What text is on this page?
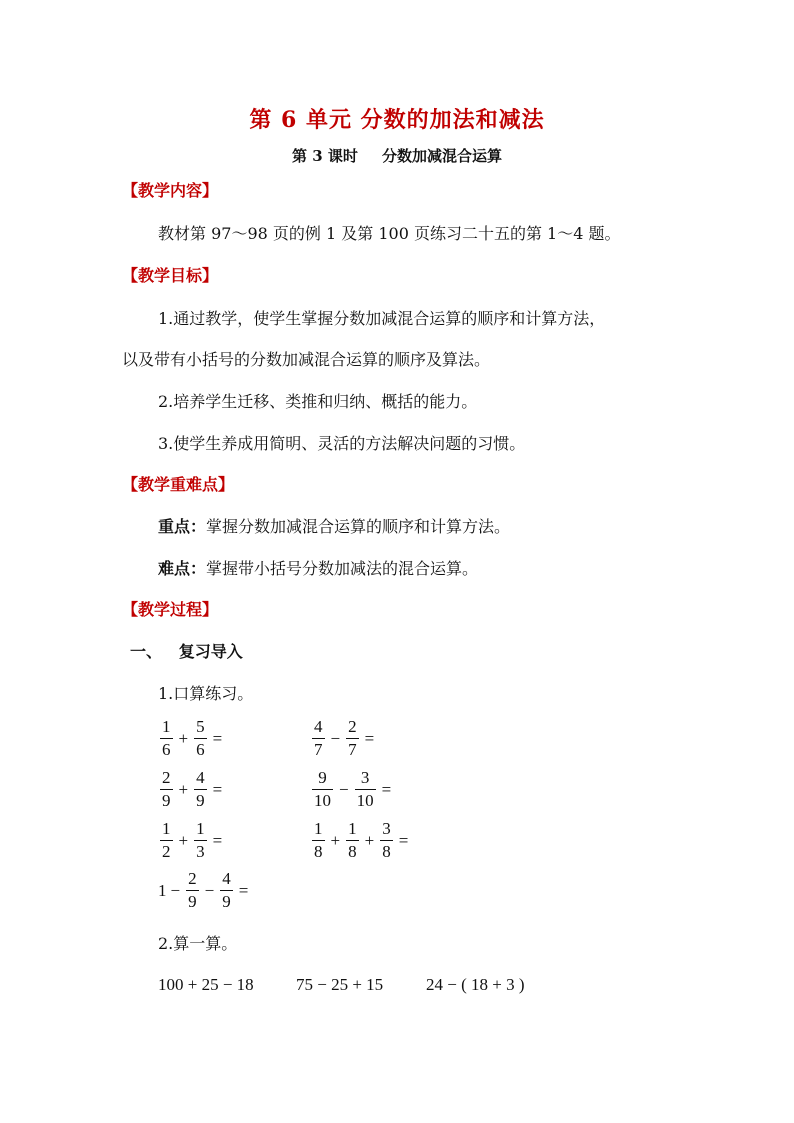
第 6 单元 分数的加法和减法
第 3 课时 分数加减混合运算
【教学内容】
教材第 97～98 页的例 1 及第 100 页练习二十五的第 1～4 题。
【教学目标】
1.通过教学，使学生掌握分数加减混合运算的顺序和计算方法，
以及带有小括号的分数加减混合运算的顺序及算法。
2.培养学生迁移、类推和归纳、概括的能力。
3.使学生养成用简明、灵活的方法解决问题的习惯。
【教学重难点】
重点：掌握分数加减混合运算的顺序和计算方法。
难点：掌握带小括号分数加减法的混合运算。
【教学过程】
一、   复习导入
1.口算练习。
$\frac{1}{6} + \frac{5}{6}$ =	$\frac{4}{7} - \frac{2}{7}$ =
$\frac{2}{9} + \frac{4}{9}$ =	$\frac{9}{10} - \frac{3}{10}$ =
$\frac{1}{2} + \frac{1}{3}$ =	$\frac{1}{8} + \frac{1}{8} + \frac{3}{8}$ =
$1 - \frac{2}{9} - \frac{4}{9}$ =
2.算一算。
100 + 25 − 18 75 − 25 + 15	24 − ( 18 + 3 )
